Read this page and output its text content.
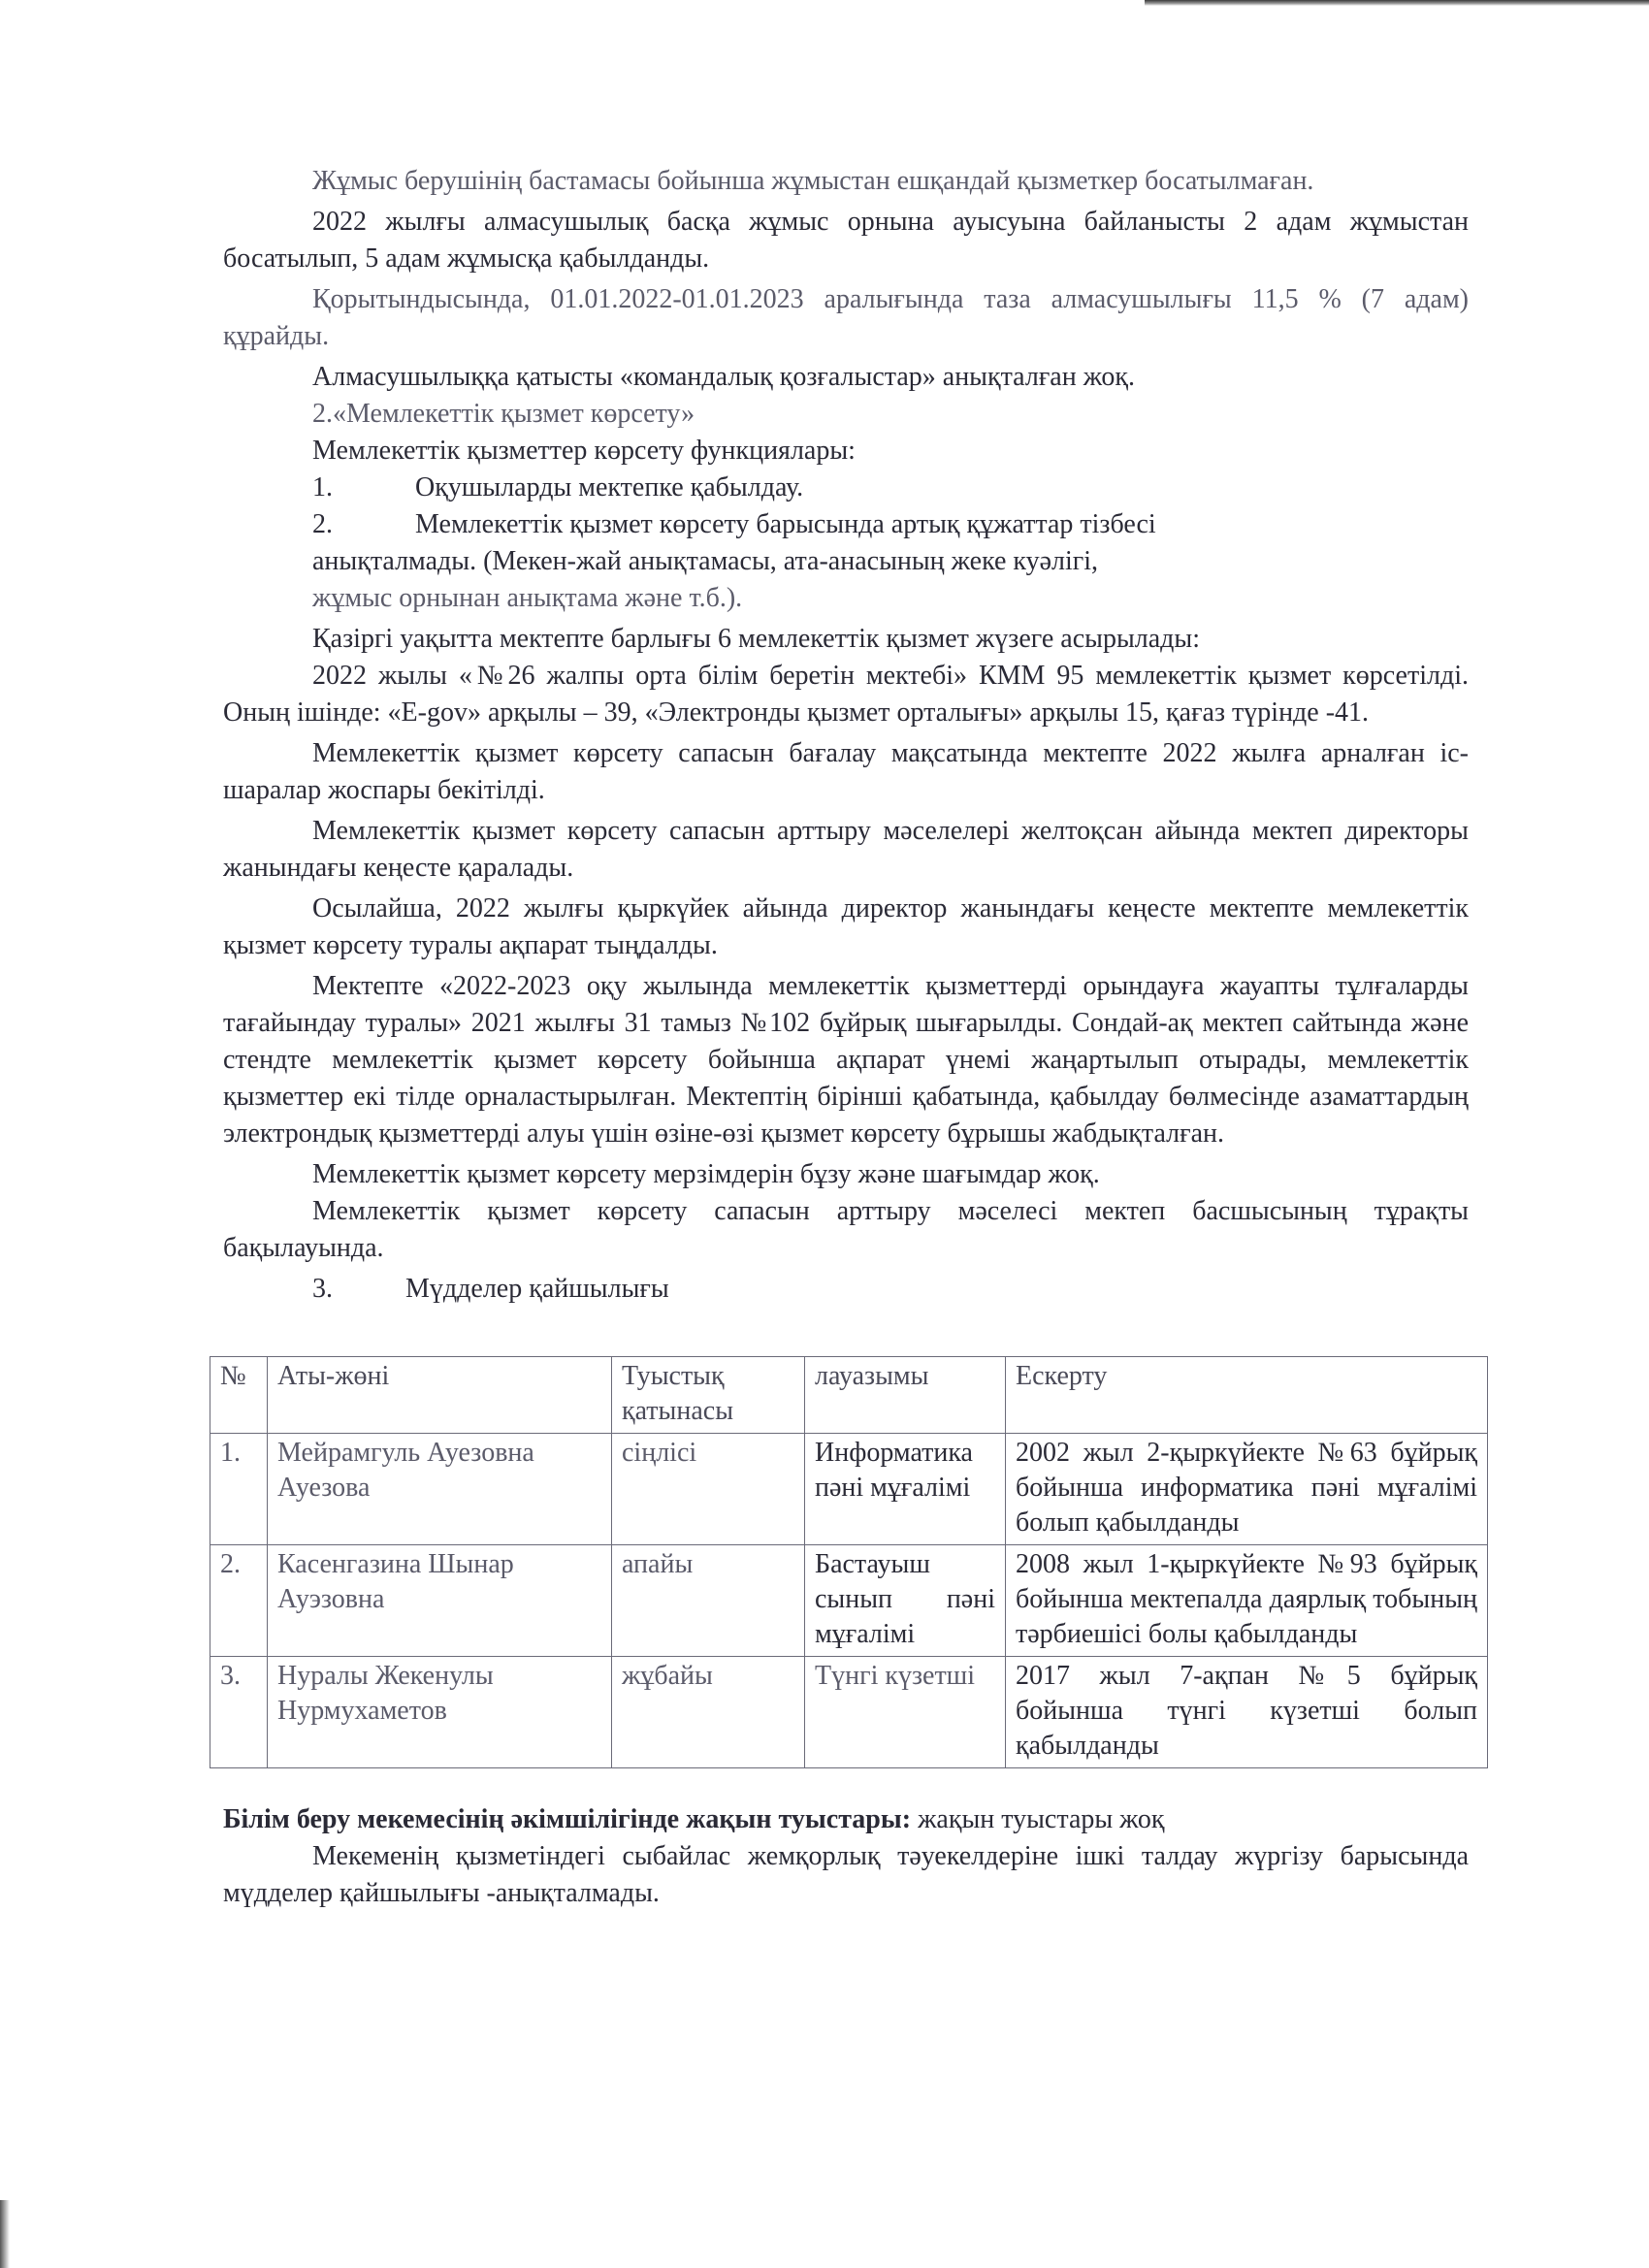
Жұмыс берушінің бастамасы бойынша жұмыстан ешқандай қызметкер босатылмаған.

2022 жылғы алмасушылық басқа жұмыс орнына ауысуына байланысты 2 адам жұмыстан босатылып, 5 адам жұмысқа қабылданды.

Қорытындысында, 01.01.2022-01.01.2023 аралығында таза алмасушылығы 11,5 % (7 адам) құрайды.

Алмасушылыққа қатысты «командалық қозғалыстар» анықталған жоқ.

2.«Мемлекеттік қызмет көрсету»

Мемлекеттік қызметтер көрсету функциялары:

1.	Оқушыларды мектепке қабылдау.
2.	Мемлекеттік қызмет көрсету барысында артық құжаттар тізбесі
анықталмады. (Мекен-жай анықтамасы, ата-анасының жеке куәлігі,
жұмыс орнынан анықтама және т.б.).

Қазіргі уақытта мектепте барлығы 6 мемлекеттік қызмет жүзеге асырылады:

2022 жылы «№26 жалпы орта білім беретін мектебі» КММ 95 мемлекеттік қызмет көрсетілді. Оның ішінде: «E-gov» арқылы – 39, «Электронды қызмет орталығы» арқылы 15, қағаз түрінде -41.

Мемлекеттік қызмет көрсету сапасын бағалау мақсатында мектепте 2022 жылға арналған іс-шаралар жоспары бекітілді.

Мемлекеттік қызмет көрсету сапасын арттыру мәселелері желтоқсан айында мектеп директоры жанындағы кеңесте қаралады.

Осылайша, 2022 жылғы қыркүйек айында директор жанындағы кеңесте мектепте мемлекеттік қызмет көрсету туралы ақпарат тыңдалды.

Мектепте «2022-2023 оқу жылында мемлекеттік қызметтерді орындауға жауапты тұлғаларды тағайындау туралы» 2021 жылғы 31 тамыз №102 бұйрық шығарылды. Сондай-ақ мектеп сайтында және стендте мемлекеттік қызмет көрсету бойынша ақпарат үнемі жаңартылып отырады, мемлекеттік қызметтер екі тілде орналастырылған. Мектептің бірінші қабатында, қабылдау бөлмесінде азаматтардың электрондық қызметтерді алуы үшін өзіне-өзі қызмет көрсету бұрышы жабдықталған.

Мемлекеттік қызмет көрсету мерзімдерін бұзу және шағымдар жоқ.

Мемлекеттік қызмет көрсету сапасын арттыру мәселесі мектеп басшысының тұрақты бақылауында.

3.	Мүдделер қайшылығы
№	Аты-жөні	Туыстық қатынасы	лауазымы	Ескерту
1.	Мейрамгуль Ауезовна Ауезова	сіңлісі	Информатика пәні мұғалімі	2002 жыл 2-қыркүйекте №63 бұйрық бойынша информатика пәні мұғалімі болып қабылданды
2.	Касенгазина Шынар Ауэзовна	апайы	Бастауыш сынып пәні мұғалімі	2008 жыл 1-қыркүйекте №93 бұйрық бойынша мектепалда даярлық тобының тәрбиешісі болы қабылданды
3.	Нуралы Жекенулы Нурмухаметов	жұбайы	Түнгі күзетші	2017 жыл 7-ақпан №5 бұйрық бойынша түнгі күзетші болып қабылданды

Білім беру мекемесінің әкімшілігінде жақын туыстары: жақын туыстары жоқ

Мекеменің қызметіндегі сыбайлас жемқорлық тәуекелдеріне ішкі талдау жүргізу барысында мүдделер қайшылығы -анықталмады.
